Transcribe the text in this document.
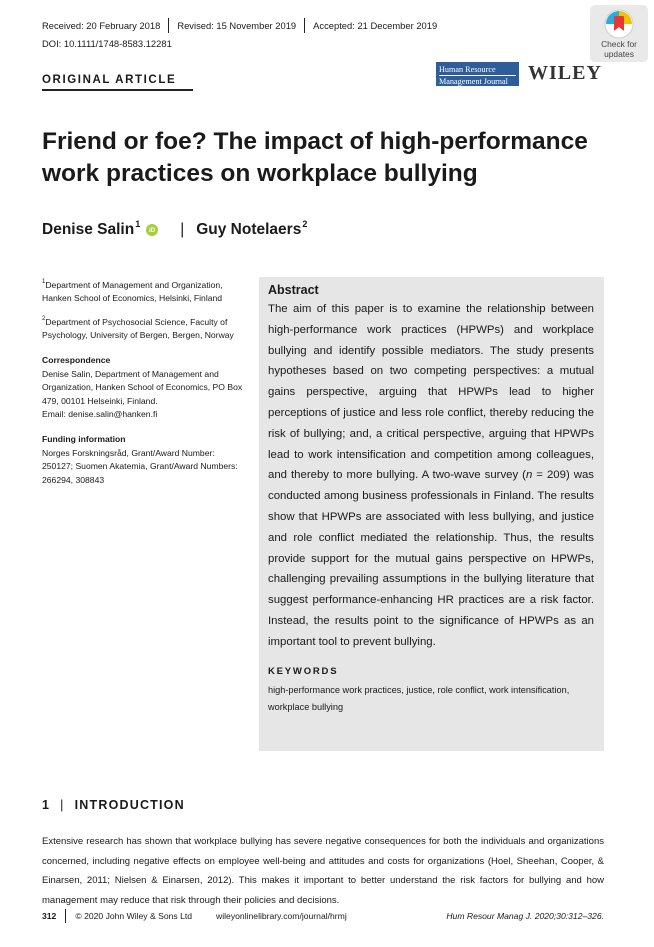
Received: 20 February 2018 Revised: 15 November 2019 Accepted: 21 December 2019
DOI: 10.1111/1748-8583.12281	Check for
updates
ORIGINAL ARTICLE
Human Resource
Management Journal	WILEY
Friend or foe? The impact of high-performance work practices on workplace bullying
Denise Salin$^1$
iD | Guy Notelaers$^2$
$^1$Department of Management and Organization, Hanken School of Economics, Helsinki, Finland
$^2$Department of Psychosocial Science, Faculty of Psychology, University of Bergen, Bergen, Norway
Correspondence
Denise Salin, Department of Management and Organization, Hanken School of Economics, PO Box 479, 00101 Helseinki, Finland.
Email: denise.salin@hanken.fi
Funding information
Norges Forskningsråd, Grant/Award Number: 250127; Suomen Akatemia, Grant/Award Numbers: 266294, 308843
Abstract

The aim of this paper is to examine the relationship between high-performance work practices (HPWPs) and workplace bullying and identify possible mediators. The study presents hypotheses based on two competing perspectives: a mutual gains perspective, arguing that HPWPs lead to higher perceptions of justice and less role conflict, thereby reducing the risk of bullying; and, a critical perspective, arguing that HPWPs lead to work intensification and competition among colleagues, and thereby to more bullying. A two-wave survey (n = 209) was conducted among business professionals in Finland. The results show that HPWPs are associated with less bullying, and justice and role conflict mediated the relationship. Thus, the results provide support for the mutual gains perspective on HPWPs, challenging prevailing assumptions in the bullying literature that suggest performance-enhancing HR practices are a risk factor. Instead, the results point to the significance of HPWPs as an important tool to prevent bullying.

KEYWORDS
high-performance work practices, justice, role conflict, work intensification, workplace bullying
1 | INTRODUCTION

Extensive research has shown that workplace bullying has severe negative consequences for both the individuals and organizations concerned, including negative effects on employee well-being and attitudes and costs for organizations (Hoel, Sheehan, Cooper, & Einarsen, 2011; Nielsen & Einarsen, 2012). This makes it important to better understand the risk factors for bullying and how management may reduce that risk through their policies and decisions.

312 © 2020 John Wiley & Sons Ltd	wileyonlinelibrary.com/journal/hrmj	Hum Resour Manag J. 2020;30:312–326.
